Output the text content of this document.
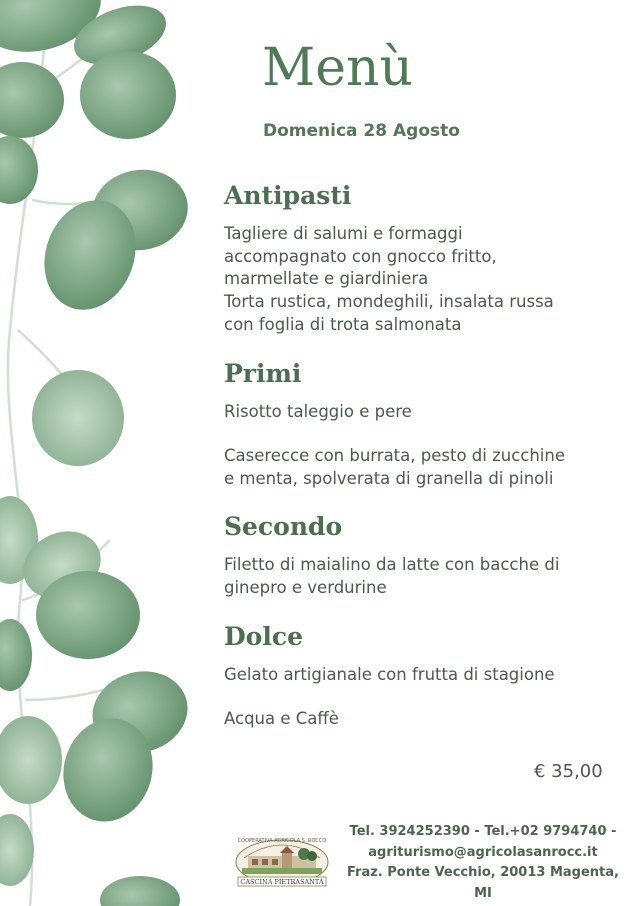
Menù
Domenica 28 Agosto
Antipasti
Tagliere di salumi e formaggi
accompagnato con gnocco fritto,
marmellate e giardiniera
Torta rustica, mondeghili, insalata russa
con foglia di trota salmonata
Primi
Risotto taleggio e pere
Caserecce con burrata, pesto di zucchine
e menta, spolverata di granella di pinoli
Secondo
Filetto di maialino da latte con bacche di
ginepro e verdurine
Dolce
Gelato artigianale con frutta di stagione
Acqua e Caffè
€ 35,00
COOPERATIVA AGRICOLA S. ROCCO
CASCINA PIETRASANTA
Tel. 3924252390 - Tel.+02 9794740 -
agriturismo@agricolasanrocc.it
Fraz. Ponte Vecchio, 20013 Magenta, MI
